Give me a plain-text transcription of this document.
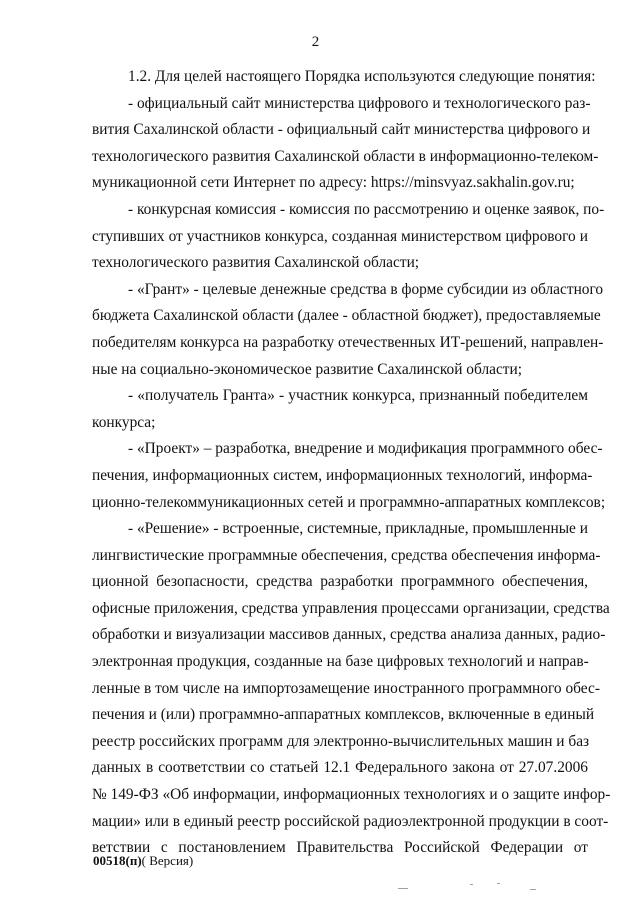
2
1.2. Для целей настоящего Порядка используются следующие понятия:
- официальный сайт министерства цифрового и технологического раз-
вития Сахалинской области - официальный сайт министерства цифрового и
технологического развития Сахалинской области в информационно-телеком-
муникационной сети Интернет по адресу: https://minsvyaz.sakhalin.gov.ru;
- конкурсная комиссия - комиссия по рассмотрению и оценке заявок, по-
ступивших от участников конкурса, созданная министерством цифрового и
технологического развития Сахалинской области;
- «Грант» - целевые денежные средства в форме субсидии из областного
бюджета Сахалинской области (далее - областной бюджет), предоставляемые
победителям конкурса на разработку отечественных ИТ-решений, направлен-
ные на социально-экономическое развитие Сахалинской области;
- «получатель Гранта» - участник конкурса, признанный победителем
конкурса;
- «Проект» – разработка, внедрение и модификация программного обес-
печения, информационных систем, информационных технологий, информа-
ционно-телекоммуникационных сетей и программно-аппаратных комплексов;
- «Решение» - встроенные, системные, прикладные, промышленные и
лингвистические программные обеспечения, средства обеспечения информа-
ционной безопасности, средства разработки программного обеспечения,
офисные приложения, средства управления процессами организации, средства
обработки и визуализации массивов данных, средства анализа данных, радио-
электронная продукция, созданные на базе цифровых технологий и направ-
ленные в том числе на импортозамещение иностранного программного обес-
печения и (или) программно-аппаратных комплексов, включенные в единый
реестр российских программ для электронно-вычислительных машин и баз
данных в соответствии со статьей 12.1 Федерального закона от 27.07.2006
№ 149-ФЗ «Об информации, информационных технологиях и о защите инфор-
мации» или в единый реестр российской радиоэлектронной продукции в соот-
ветствии с постановлением Правительства Российской Федерации от
00518(п)( Версия)
